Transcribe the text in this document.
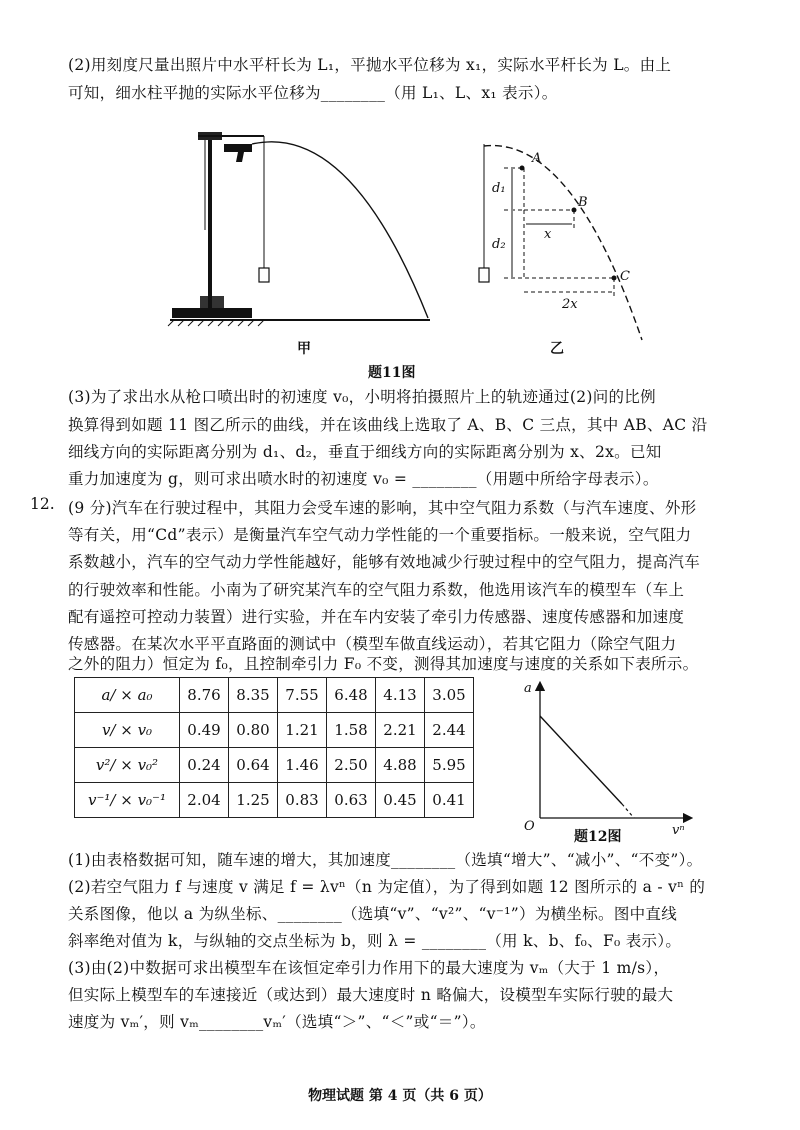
(2)用刻度尺量出照片中水平杆长为 L₁，平抛水平位移为 x₁，实际水平杆长为 L。由上
可知，细水柱平抛的实际水平位移为________（用 L₁、L、x₁ 表示）。
甲
A
B
C
d₁
d₂
x
2x
乙
题11图
(3)为了求出水从枪口喷出时的初速度 v₀，小明将拍摄照片上的轨迹通过(2)问的比例
换算得到如题 11 图乙所示的曲线，并在该曲线上选取了 A、B、C 三点，其中 AB、AC 沿
细线方向的实际距离分别为 d₁、d₂，垂直于细线方向的实际距离分别为 x、2x。已知
重力加速度为 g，则可求出喷水时的初速度 v₀ = ________（用题中所给字母表示）。
12. (9 分)汽车在行驶过程中，其阻力会受车速的影响，其中空气阻力系数（与汽车速度、外形
等有关，用“Cd”表示）是衡量汽车空气动力学性能的一个重要指标。一般来说，空气阻力
系数越小，汽车的空气动力学性能越好，能够有效地减少行驶过程中的空气阻力，提高汽车
的行驶效率和性能。小南为了研究某汽车的空气阻力系数，他选用该汽车的模型车（车上
配有遥控可控动力装置）进行实验，并在车内安装了牵引力传感器、速度传感器和加速度
传感器。在某次水平平直路面的测试中（模型车做直线运动），若其它阻力（除空气阻力
之外的阻力）恒定为 f₀，且控制牵引力 F₀ 不变，测得其加速度与速度的关系如下表所示。
a/ × a₀	8.76	8.35	7.55	6.48	4.13	3.05
v/ × v₀	0.49	0.80	1.21	1.58	2.21	2.44
v²/ × v₀²	0.24	0.64	1.46	2.50	4.88	5.95
v⁻¹/ × v₀⁻¹	2.04	1.25	0.83	0.63	0.45	0.41
a
vⁿ
O
题12图
(1)由表格数据可知，随车速的增大，其加速度________（选填“增大”、“减小”、“不变”）。
(2)若空气阻力 f 与速度 v 满足 f = λvⁿ（n 为定值），为了得到如题 12 图所示的 a - vⁿ 的
关系图像，他以 a 为纵坐标、________（选填“v”、“v²”、“v⁻¹”）为横坐标。图中直线
斜率绝对值为 k，与纵轴的交点坐标为 b，则 λ = ________（用 k、b、f₀、F₀ 表示）。
(3)由(2)中数据可求出模型车在该恒定牵引力作用下的最大速度为 vₘ（大于 1 m/s），
但实际上模型车的车速接近（或达到）最大速度时 n 略偏大，设模型车实际行驶的最大
速度为 vₘ′，则 vₘ________vₘ′（选填“＞”、“＜”或“＝”）。
物理试题 第 4 页（共 6 页）
